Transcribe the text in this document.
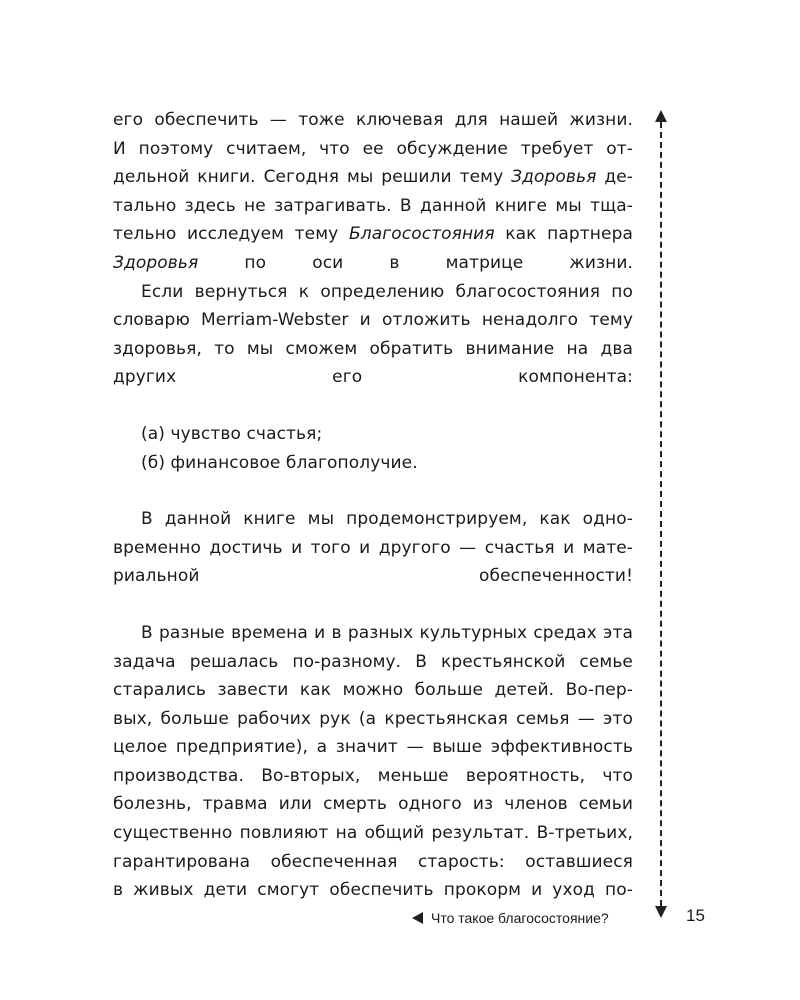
его обеспечить — тоже ключевая для нашей жизни.
И поэтому считаем, что ее обсуждение требует от-
дельной книги. Сегодня мы решили тему Здоровья де-
тально здесь не затрагивать. В данной книге мы тща-
тельно исследуем тему Благосостояния как партнера
Здоровья по оси в матрице жизни.
Если вернуться к определению благосостояния по
словарю Merriam-Webster и отложить ненадолго тему
здоровья, то мы сможем обратить внимание на два
других его компонента:
(а) чувство счастья;
(б) финансовое благополучие.
В данной книге мы продемонстрируем, как одно-
временно достичь и того и другого — счастья и мате-
риальной обеспеченности!
В разные времена и в разных культурных средах эта
задача решалась по-разному. В крестьянской семье
старались завести как можно больше детей. Во-пер-
вых, больше рабочих рук (а крестьянская семья — это
целое предприятие), а значит — выше эффективность
производства. Во-вторых, меньше вероятность, что
болезнь, травма или смерть одного из членов семьи
существенно повлияют на общий результат. В-третьих,
гарантирована обеспеченная старость: оставшиеся
в живых дети смогут обеспечить прокорм и уход по-
Что такое благосостояние?	15
